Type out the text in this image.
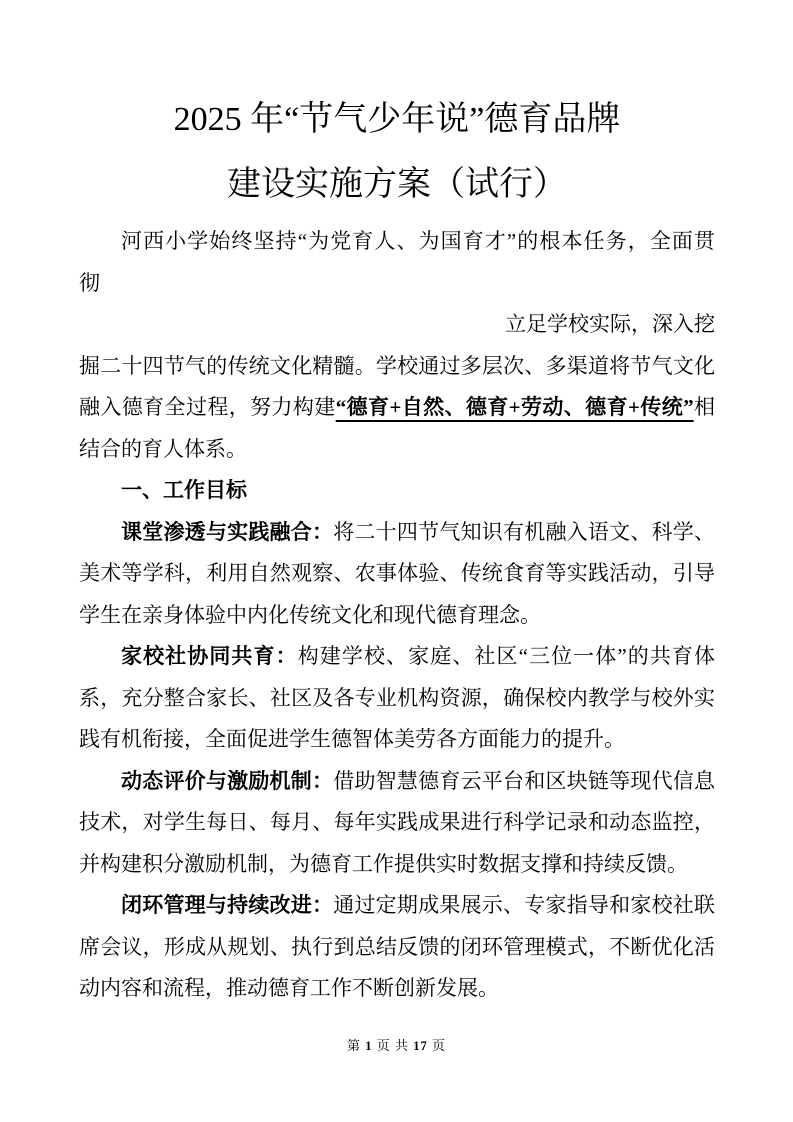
2025 年“节气少年说”德育品牌
建设实施方案（试行）
河西小学始终坚持“为党育人、为国育才”的根本任务，全面贯
彻
立足学校实际，深入挖
掘二十四节气的传统文化精髓。学校通过多层次、多渠道将节气文化
融入德育全过程，努力构建“德育+自然、德育+劳动、德育+传统”相
结合的育人体系。
一、工作目标
课堂渗透与实践融合：将二十四节气知识有机融入语文、科学、
美术等学科，利用自然观察、农事体验、传统食育等实践活动，引导
学生在亲身体验中内化传统文化和现代德育理念。
家校社协同共育：构建学校、家庭、社区“三位一体”的共育体
系，充分整合家长、社区及各专业机构资源，确保校内教学与校外实
践有机衔接，全面促进学生德智体美劳各方面能力的提升。
动态评价与激励机制：借助智慧德育云平台和区块链等现代信息
技术，对学生每日、每月、每年实践成果进行科学记录和动态监控，
并构建积分激励机制，为德育工作提供实时数据支撑和持续反馈。
闭环管理与持续改进：通过定期成果展示、专家指导和家校社联
席会议，形成从规划、执行到总结反馈的闭环管理模式，不断优化活
动内容和流程，推动德育工作不断创新发展。
第 1 页 共 17 页
